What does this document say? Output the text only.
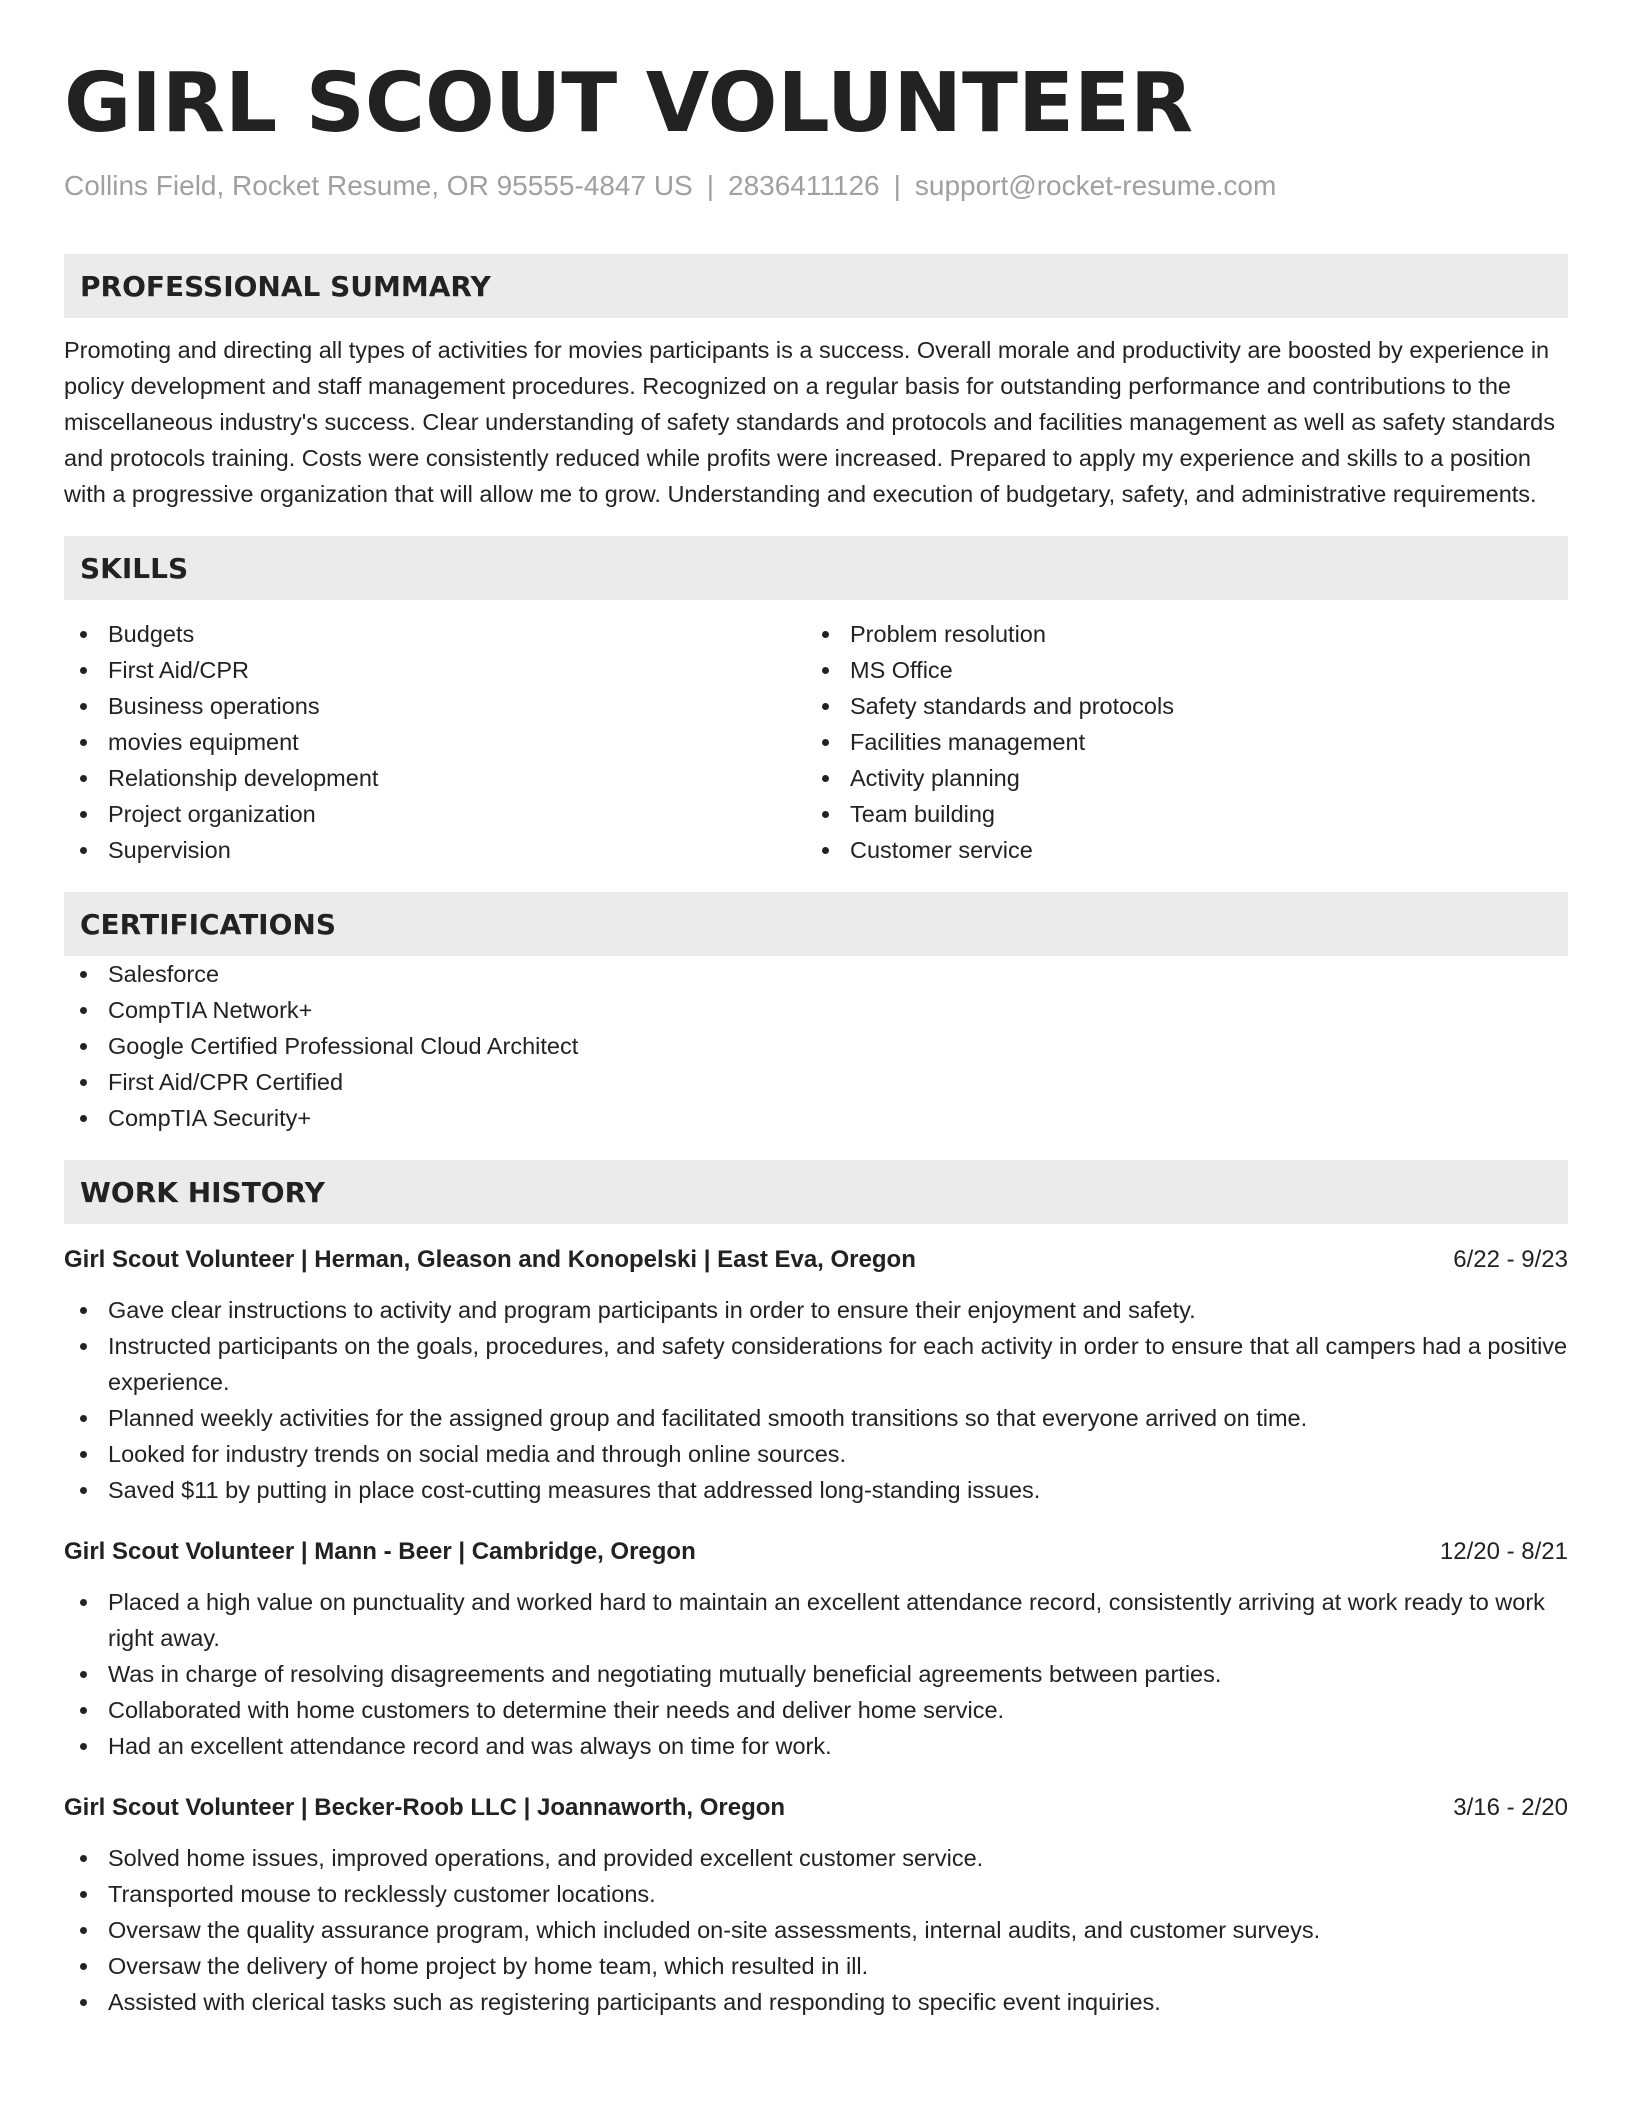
GIRL SCOUT VOLUNTEER
Collins Field, Rocket Resume, OR 95555-4847 US | 2836411126 | support@rocket-resume.com
PROFESSIONAL SUMMARY
Promoting and directing all types of activities for movies participants is a success. Overall morale and productivity are boosted by experience in policy development and staff management procedures. Recognized on a regular basis for outstanding performance and contributions to the miscellaneous industry's success. Clear understanding of safety standards and protocols and facilities management as well as safety standards and protocols training. Costs were consistently reduced while profits were increased. Prepared to apply my experience and skills to a position with a progressive organization that will allow me to grow. Understanding and execution of budgetary, safety, and administrative requirements.
SKILLS
Budgets
First Aid/CPR
Business operations
movies equipment
Relationship development
Project organization
Supervision
Problem resolution
MS Office
Safety standards and protocols
Facilities management
Activity planning
Team building
Customer service
CERTIFICATIONS
Salesforce
CompTIA Network+
Google Certified Professional Cloud Architect
First Aid/CPR Certified
CompTIA Security+
WORK HISTORY
Girl Scout Volunteer | Herman, Gleason and Konopelski | East Eva, Oregon	6/22 - 9/23
Gave clear instructions to activity and program participants in order to ensure their enjoyment and safety.
Instructed participants on the goals, procedures, and safety considerations for each activity in order to ensure that all campers had a positive experience.
Planned weekly activities for the assigned group and facilitated smooth transitions so that everyone arrived on time.
Looked for industry trends on social media and through online sources.
Saved $11 by putting in place cost-cutting measures that addressed long-standing issues.
Girl Scout Volunteer | Mann - Beer | Cambridge, Oregon	12/20 - 8/21
Placed a high value on punctuality and worked hard to maintain an excellent attendance record, consistently arriving at work ready to work right away.
Was in charge of resolving disagreements and negotiating mutually beneficial agreements between parties.
Collaborated with home customers to determine their needs and deliver home service.
Had an excellent attendance record and was always on time for work.
Girl Scout Volunteer | Becker-Roob LLC | Joannaworth, Oregon	3/16 - 2/20
Solved home issues, improved operations, and provided excellent customer service.
Transported mouse to recklessly customer locations.
Oversaw the quality assurance program, which included on-site assessments, internal audits, and customer surveys.
Oversaw the delivery of home project by home team, which resulted in ill.
Assisted with clerical tasks such as registering participants and responding to specific event inquiries.
